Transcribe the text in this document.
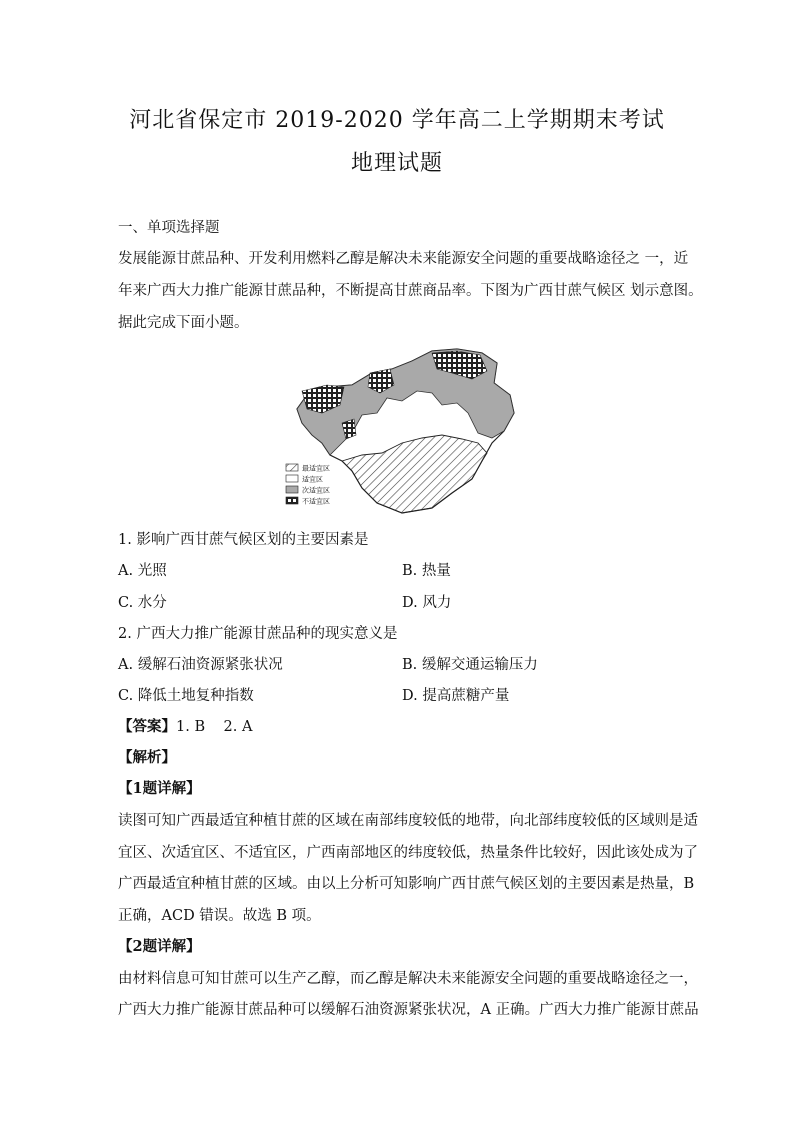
河北省保定市 2019-2020 学年高二上学期期末考试
地理试题
一、单项选择题
发展能源甘蔗品种、开发利用燃料乙醇是解决未来能源安全问题的重要战略途径之 一，近
年来广西大力推广能源甘蔗品种，不断提高甘蔗商品率。下图为广西甘蔗气候区 划示意图。
据此完成下面小题。
最适宜区
适宜区
次适宜区
不适宜区
1. 影响广西甘蔗气候区划的主要因素是
A. 光照	B. 热量
C. 水分	D. 风力
2. 广西大力推广能源甘蔗品种的现实意义是
A. 缓解石油资源紧张状况	B. 缓解交通运输压力
C. 降低土地复种指数	D. 提高蔗糖产量
【答案】1. B    2. A
【解析】
【1题详解】
读图可知广西最适宜种植甘蔗的区域在南部纬度较低的地带，向北部纬度较低的区域则是适
宜区、次适宜区、不适宜区，广西南部地区的纬度较低，热量条件比较好，因此该处成为了
广西最适宜种植甘蔗的区域。由以上分析可知影响广西甘蔗气候区划的主要因素是热量，B
正确，ACD 错误。故选 B 项。
【2题详解】
由材料信息可知甘蔗可以生产乙醇，而乙醇是解决未来能源安全问题的重要战略途径之一，
广西大力推广能源甘蔗品种可以缓解石油资源紧张状况，A 正确。广西大力推广能源甘蔗品
